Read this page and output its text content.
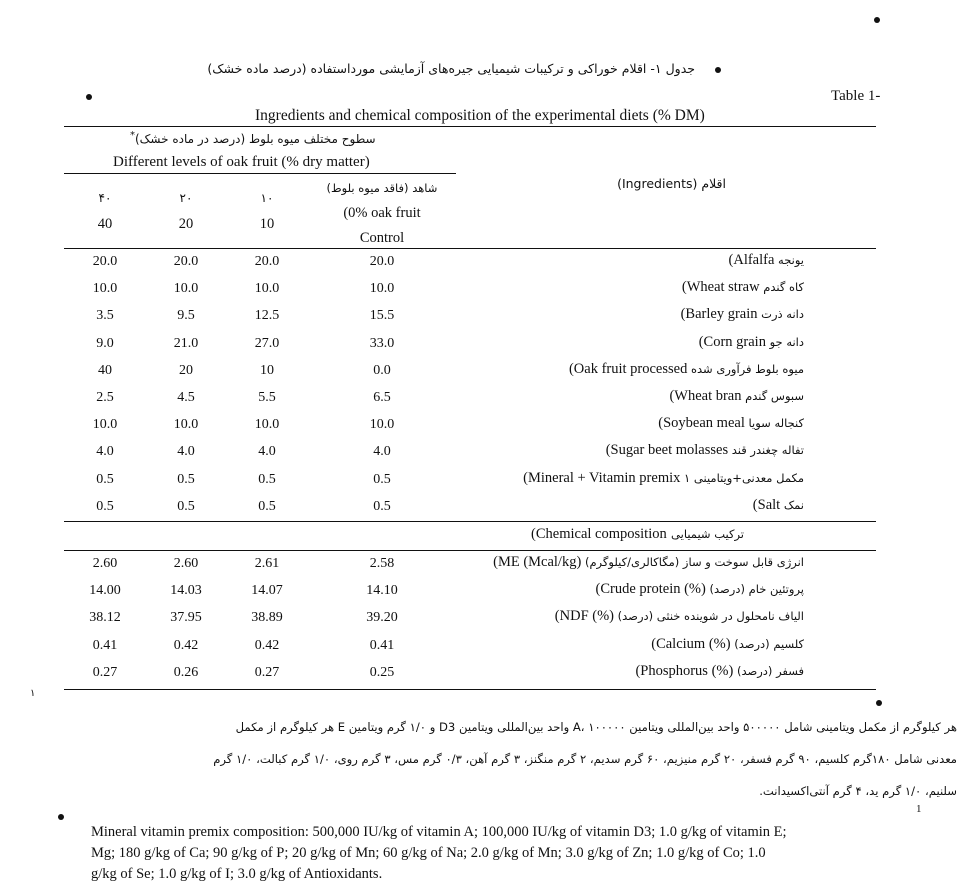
جدول ۱- اقلام خوراکی و ترکیبات شیمیایی جیره‌های آزمایشی مورداستفاده (درصد ماده خشک)
Table 1-
Ingredients and chemical composition of the experimental diets (% DM)
سطوح مختلف میوه بلوط (درصد در ماده خشک)*
Different levels of oak fruit (% dry matter)
اقلام (Ingredients)
شاهد (فاقد میوه بلوط)
(0% oak fruit
Control
۱۰
10
۲۰
20
۴۰
40
یونجه (Alfalfa
20.0
20.0
20.0
20.0
کاه گندم (Wheat straw
10.0
10.0
10.0
10.0
دانه ذرت (Barley grain
15.5
12.5
9.5
3.5
دانه جو (Corn grain
33.0
27.0
21.0
9.0
میوه بلوط فرآوری شده (Oak fruit processed
0.0
10
20
40
سبوس گندم (Wheat bran
6.5
5.5
4.5
2.5
کنجاله سویا (Soybean meal
10.0
10.0
10.0
10.0
تفاله چغندر قند (Sugar beet molasses
4.0
4.0
4.0
4.0
مکمل معدنی+ویتامینی ۱ (Mineral + Vitamin premix
0.5
0.5
0.5
0.5
نمک (Salt
0.5
0.5
0.5
0.5
ترکیب شیمیایی (Chemical composition
انرژی قابل سوخت و ساز (مگاکالری/کیلوگرم) (ME (Mcal/kg)
2.58
2.61
2.60
2.60
پروتئین خام (درصد) (Crude protein (%)
14.10
14.07
14.03
14.00
الیاف نامحلول در شوینده خنثی (درصد) (NDF (%)
39.20
38.89
37.95
38.12
کلسیم (درصد) (Calcium (%)
0.41
0.42
0.42
0.41
فسفر (درصد) (Phosphorus (%)
0.25
0.27
0.26
0.27
۱
هر کیلوگرم از مکمل ویتامینی شامل ۵۰۰۰۰۰ واحد بین‌المللی ویتامین A، ۱۰۰۰۰۰ واحد بین‌المللی ویتامین D3 و ۱/۰ گرم ویتامین E هر کیلوگرم از مکمل
معدنی شامل ۱۸۰گرم کلسیم، ۹۰ گرم فسفر، ۲۰ گرم منیزیم، ۶۰ گرم سدیم، ۲ گرم منگنز، ۳ گرم آهن، ۰/۳ گرم مس، ۳ گرم روی، ۱/۰ گرم کبالت، ۱/۰ گرم
سلنیم، ۱/۰ گرم ید، ۴ گرم آنتی‌اکسیدانت.
1
Mineral vitamin premix composition: 500,000 IU/kg of vitamin A; 100,000 IU/kg of vitamin D3; 1.0 g/kg of vitamin E;
Mg; 180 g/kg of Ca; 90 g/kg of P; 20 g/kg of Mn; 60 g/kg of Na; 2.0 g/kg of Mn; 3.0 g/kg of Zn; 1.0 g/kg of Co; 1.0
g/kg of Se; 1.0 g/kg of I; 3.0 g/kg of Antioxidants.
